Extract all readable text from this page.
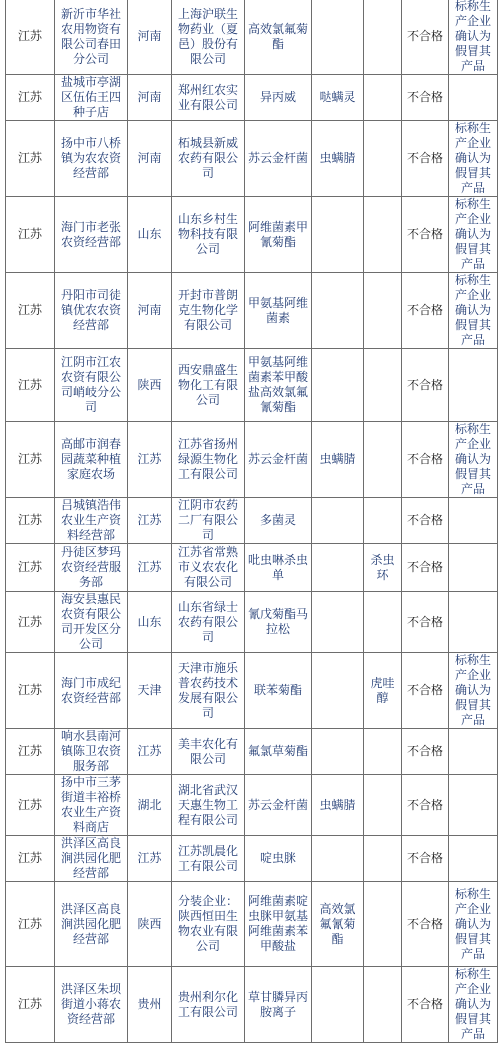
江苏	新沂市华社农用物资有限公司春田分公司	河南	上海沪联生物药业（夏邑）股份有限公司	高效氯氟菊酯			不合格	标称生产企业确认为假冒其产品
江苏	盐城市亭湖区伍佑王四种子店	河南	郑州红农实业有限公司	异丙威	哒螨灵		不合格	
江苏	扬中市八桥镇为农农资经营部	河南	柘城县新威农药有限公司	苏云金杆菌	虫螨腈		不合格	标称生产企业确认为假冒其产品
江苏	海门市老张农资经营部	山东	山东乡村生物科技有限公司	阿维菌素甲氰菊酯			不合格	标称生产企业确认为假冒其产品
江苏	丹阳市司徒镇优农农资经营部	河南	开封市普朗克生物化学有限公司	甲氨基阿维菌素			不合格	标称生产企业确认为假冒其产品
江苏	江阴市江农农资有限公司峭岐分公司	陕西	西安鼎盛生物化工有限公司	甲氨基阿维菌素苯甲酸盐高效氯氟氰菊酯			不合格	
江苏	高邮市润春园蔬菜种植家庭农场	江苏	江苏省扬州绿源生物化工有限公司	苏云金杆菌	虫螨腈		不合格	标称生产企业确认为假冒其产品
江苏	吕城镇浩伟农业生产资料经营部	江苏	江阴市农药二厂有限公司	多菌灵			不合格	
江苏	丹徒区梦玛农资经营服务部	江苏	江苏省常熟市义农农化有限公司	吡虫啉杀虫单		杀虫环	不合格	
江苏	海安县惠民农资有限公司开发区分公司	山东	山东省绿士农药有限公司	氰戊菊酯马拉松			不合格	
江苏	海门市成纪农资经营部	天津	天津市施乐普农药技术发展有限公司	联苯菊酯		虎哇醇	不合格	标称生产企业确认为假冒其产品
江苏	响水县南河镇陈卫农资服务部	江苏	美丰农化有限公司	氟氯草菊酯			不合格	
江苏	扬中市三茅街道丰裕桥农业生产资料商店	湖北	湖北省武汉天惠生物工程有限公司	苏云金杆菌	虫螨腈		不合格	
江苏	洪泽区高良涧洪园化肥经营部	江苏	江苏凯晨化工有限公司	啶虫脒			不合格	
江苏	洪泽区高良涧洪园化肥经营部	陕西	分装企业：陕西恒田生物农业有限公司	阿维菌素啶虫脒甲氨基阿维菌素苯甲酸盐	高效氯氟氰菊酯		不合格	标称生产企业确认为假冒其产品
江苏	洪泽区朱坝街道小蒋农资经营部	贵州	贵州利尔化工有限公司	草甘膦异丙胺离子			不合格	标称生产企业确认为假冒其产品
